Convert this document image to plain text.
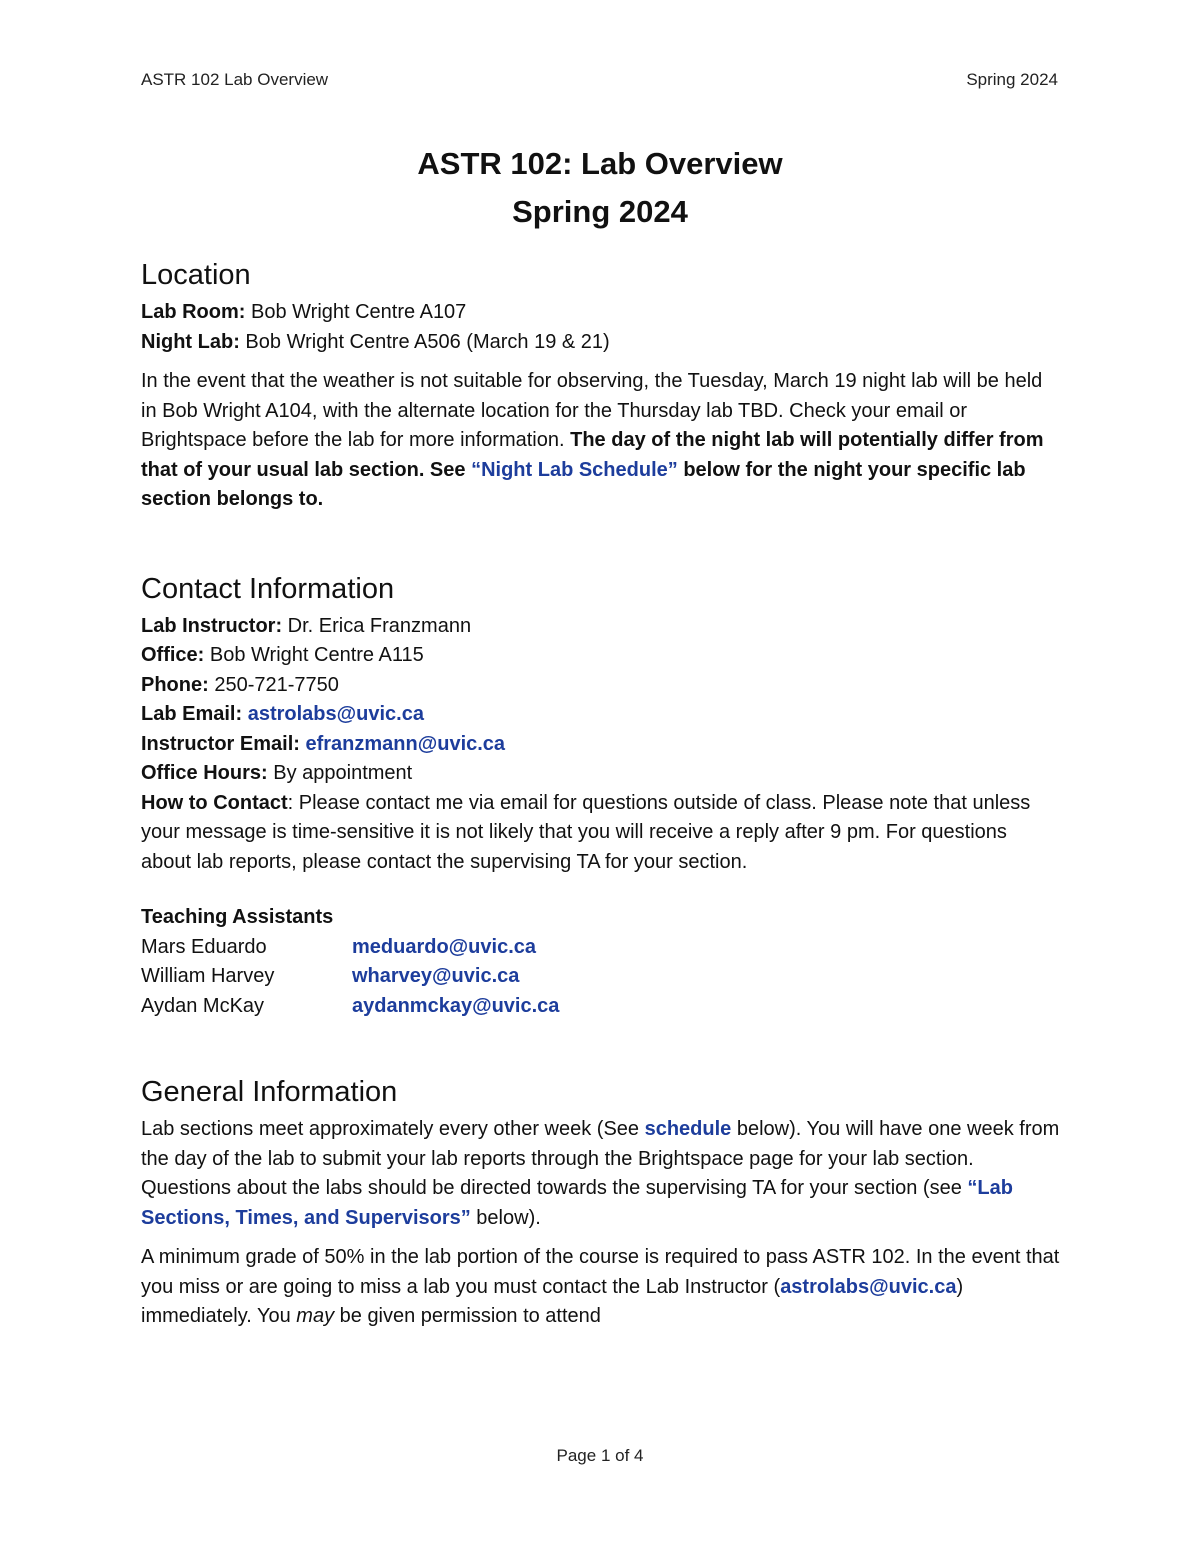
ASTR 102 Lab Overview	Spring 2024
ASTR 102: Lab Overview
Spring 2024
Location
Lab Room: Bob Wright Centre A107
Night Lab: Bob Wright Centre A506 (March 19 & 21)
In the event that the weather is not suitable for observing, the Tuesday, March 19 night lab will be held in Bob Wright A104, with the alternate location for the Thursday lab TBD. Check your email or Brightspace before the lab for more information. The day of the night lab will potentially differ from that of your usual lab section. See “Night Lab Schedule” below for the night your specific lab section belongs to.
Contact Information
Lab Instructor: Dr. Erica Franzmann
Office: Bob Wright Centre A115
Phone: 250-721-7750
Lab Email: astrolabs@uvic.ca
Instructor Email: efranzmann@uvic.ca
Office Hours: By appointment
How to Contact: Please contact me via email for questions outside of class. Please note that unless your message is time-sensitive it is not likely that you will receive a reply after 9 pm. For questions about lab reports, please contact the supervising TA for your section.
Teaching Assistants
Mars Eduardo	meduardo@uvic.ca
William Harvey	wharvey@uvic.ca
Aydan McKay	aydanmckay@uvic.ca
General Information
Lab sections meet approximately every other week (See schedule below). You will have one week from the day of the lab to submit your lab reports through the Brightspace page for your lab section. Questions about the labs should be directed towards the supervising TA for your section (see “Lab Sections, Times, and Supervisors” below).
A minimum grade of 50% in the lab portion of the course is required to pass ASTR 102. In the event that you miss or are going to miss a lab you must contact the Lab Instructor (astrolabs@uvic.ca) immediately. You may be given permission to attend
Page 1 of 4
